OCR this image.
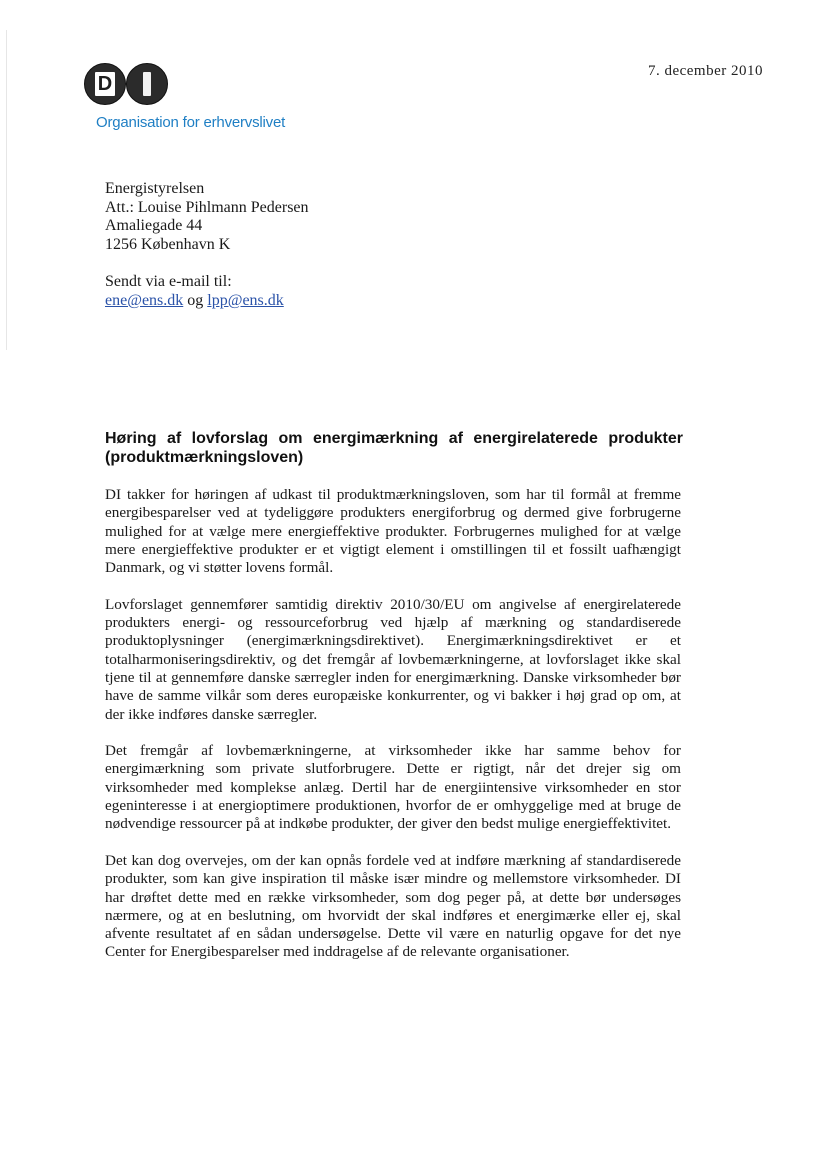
D
Organisation for erhvervslivet
7. december 2010
Energistyrelsen
Att.: Louise Pihlmann Pedersen
Amaliegade 44
1256 København K
Sendt via e-mail til:
ene@ens.dk og lpp@ens.dk
Høring af lovforslag om energimærkning af energirelaterede produkter (produktmærkningsloven)

DI takker for høringen af udkast til produktmærkningsloven, som har til formål at fremme energibesparelser ved at tydeliggøre produkters energiforbrug og dermed give forbrugerne mulighed for at vælge mere energieffektive produkter. Forbrugernes mulighed for at vælge mere energieffektive produkter er et vigtigt element i omstillingen til et fossilt uafhængigt Danmark, og vi støtter lovens formål.

Lovforslaget gennemfører samtidig direktiv 2010/30/EU om angivelse af energirelaterede produkters energi- og ressourceforbrug ved hjælp af mærkning og standardiserede produktoplysninger (energimærkningsdirektivet). Energimærkningsdirektivet er et totalharmoniseringsdirektiv, og det fremgår af lovbemærkningerne, at lovforslaget ikke skal tjene til at gennemføre danske særregler inden for energimærkning. Danske virksomheder bør have de samme vilkår som deres europæiske konkurrenter, og vi bakker i høj grad op om, at der ikke indføres danske særregler.

Det fremgår af lovbemærkningerne, at virksomheder ikke har samme behov for energimærkning som private slutforbrugere. Dette er rigtigt, når det drejer sig om virksomheder med komplekse anlæg. Dertil har de energiintensive virksomheder en stor egeninteresse i at energioptimere produktionen, hvorfor de er omhyggelige med at bruge de nødvendige ressourcer på at indkøbe produkter, der giver den bedst mulige energieffektivitet.

Det kan dog overvejes, om der kan opnås fordele ved at indføre mærkning af standardiserede produkter, som kan give inspiration til måske især mindre og mellemstore virksomheder. DI har drøftet dette med en række virksomheder, som dog peger på, at dette bør undersøges nærmere, og at en beslutning, om hvorvidt der skal indføres et energimærke eller ej, skal afvente resultatet af en sådan undersøgelse. Dette vil være en naturlig opgave for det nye Center for Energibesparelser med inddragelse af de relevante organisationer.
